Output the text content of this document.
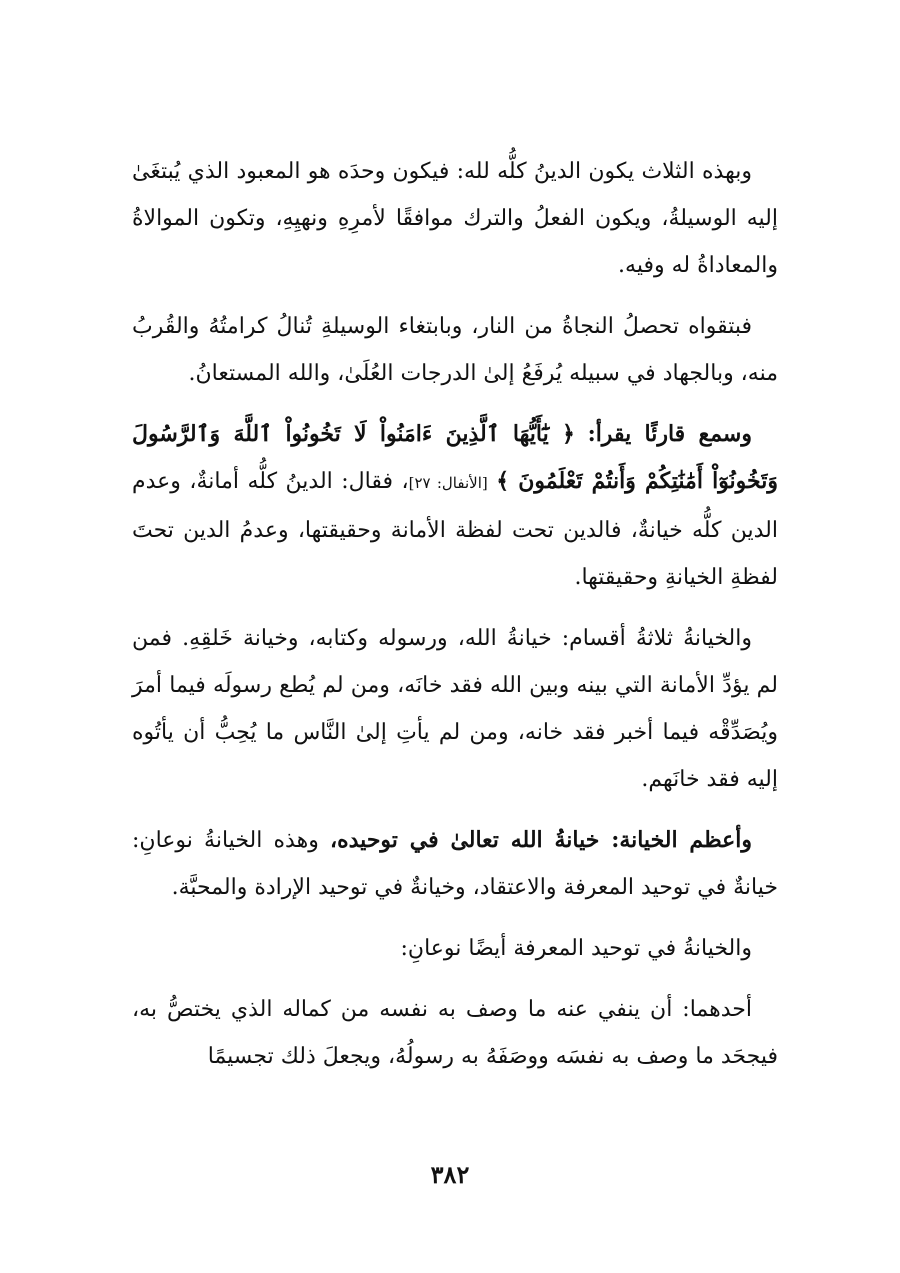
وبهذه الثلاث يكون الدينُ كلُّه لله: فيكون وحدَه هو المعبود الذي يُبتغَىٰ إليه الوسيلةُ، ويكون الفعلُ والترك موافقًا لأمرِهِ ونهيِهِ، وتكون الموالاةُ والمعاداةُ له وفيه.

فبتقواه تحصلُ النجاةُ من النار، وبابتغاء الوسيلةِ تُنالُ كرامتُهُ والقُربُ منه، وبالجهاد في سبيله يُرفَعُ إلىٰ الدرجات العُلَىٰ، والله المستعانُ.

وسمع قارئًا يقرأ: ﴿ يَٰٓأَيُّهَا ٱلَّذِينَ ءَامَنُواْ لَا تَخُونُواْ ٱللَّهَ وَٱلرَّسُولَ وَتَخُونُوٓاْ أَمَٰنَٰتِكُمْ وَأَنتُمْ تَعْلَمُونَ ﴾ [الأنفال: ٢٧]، فقال: الدينُ كلُّه أمانةٌ، وعدم الدين كلُّه خيانةٌ، فالدين تحت لفظة الأمانة وحقيقتها، وعدمُ الدين تحتَ لفظةِ الخيانةِ وحقيقتها.

والخيانةُ ثلاثةُ أقسام: خيانةُ الله، ورسوله وكتابه، وخيانة خَلقِهِ. فمن لم يؤدِّ الأمانة التي بينه وبين الله فقد خانَه، ومن لم يُطع رسولَه فيما أمرَ ويُصَدِّقْه فيما أخبر فقد خانه، ومن لم يأتِ إلىٰ النَّاس ما يُحِبُّ أن يأتُوه إليه فقد خانَهم.

وأعظم الخيانة: خيانةُ الله تعالىٰ في توحيده، وهذه الخيانةُ نوعانِ: خيانةٌ في توحيد المعرفة والاعتقاد، وخيانةٌ في توحيد الإرادة والمحبَّة.

والخيانةُ في توحيد المعرفة أيضًا نوعانِ:

أحدهما: أن ينفي عنه ما وصف به نفسه من كماله الذي يختصُّ به، فيجحَد ما وصف به نفسَه ووصَفَهُ به رسولُهُ، ويجعلَ ذلك تجسيمًا

٣٨٢
